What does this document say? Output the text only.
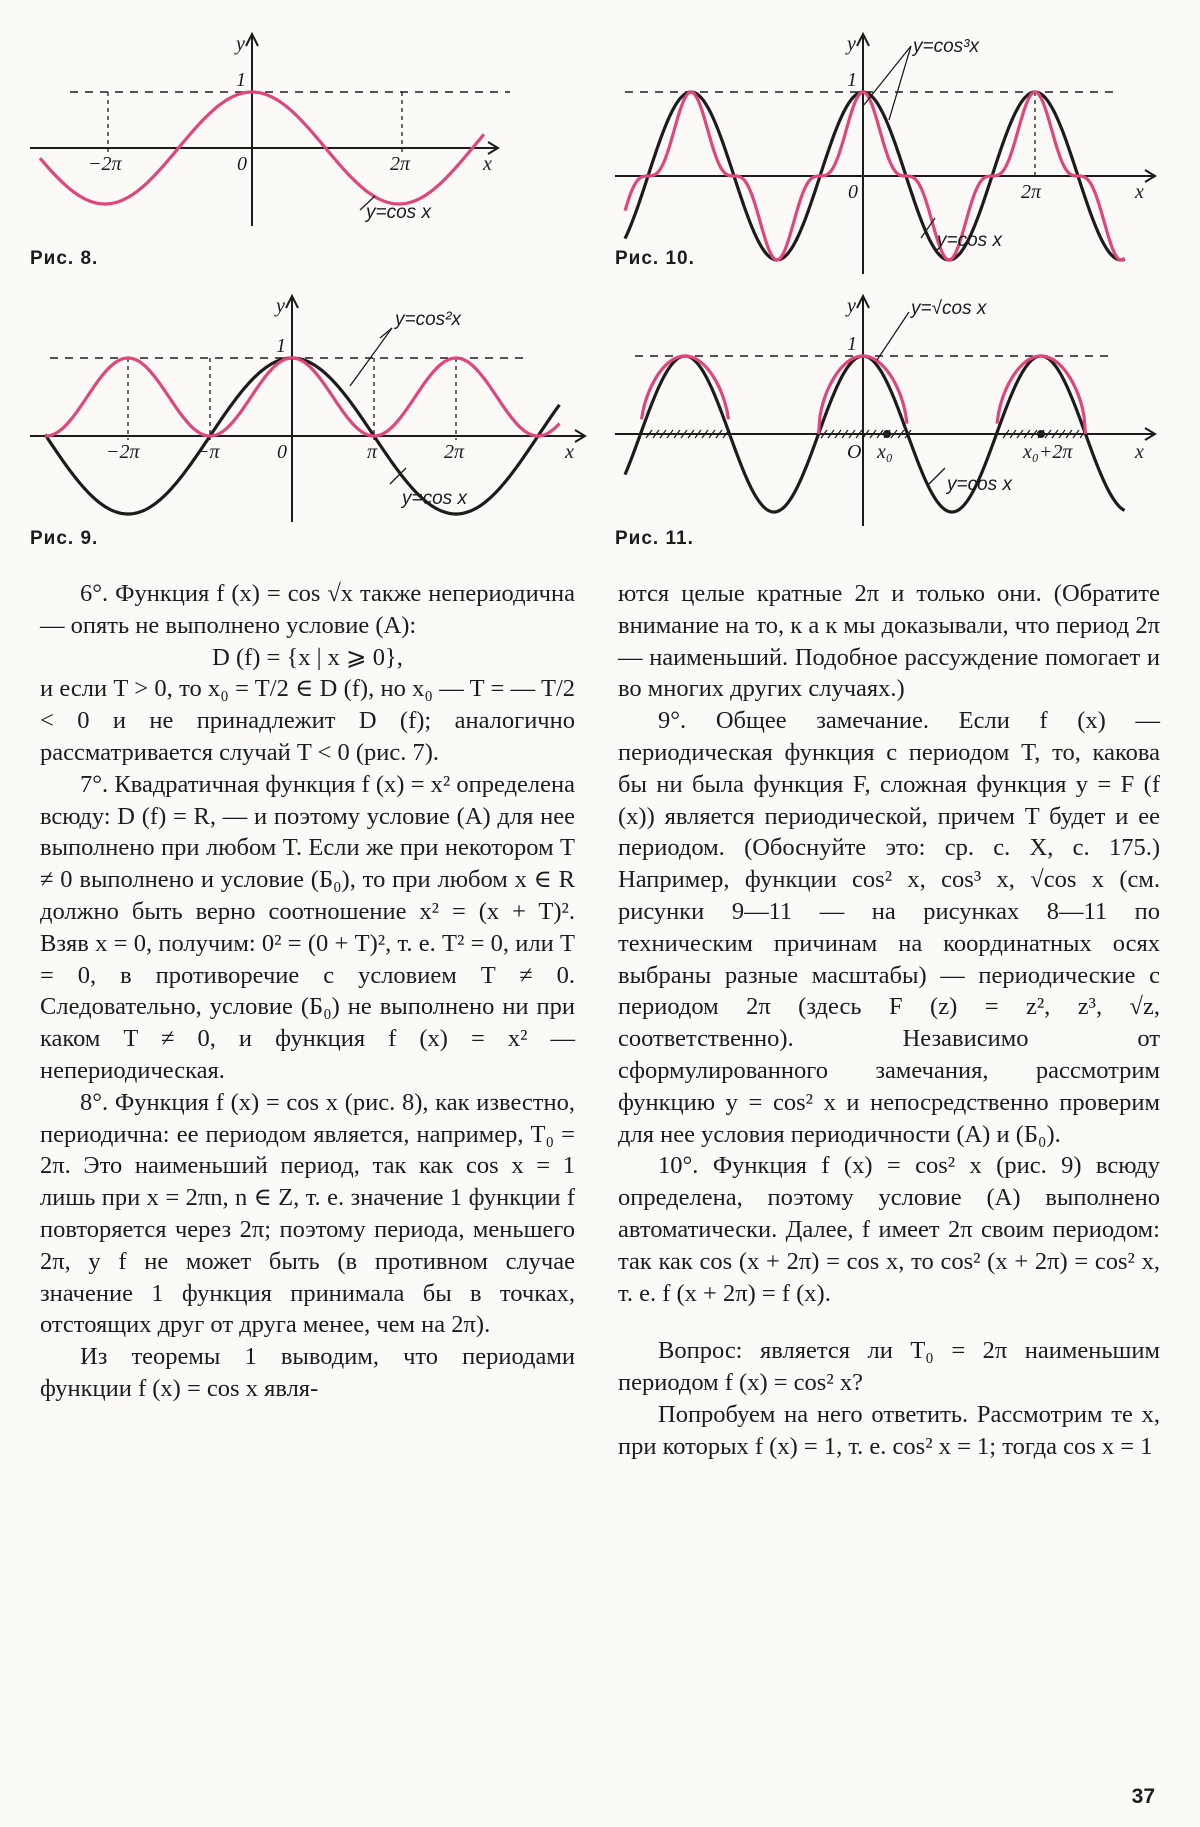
y
x
1
−2π	0	2π
y=cos x
Рис. 8.
y
x
1
0	2π
y=cos³x
y=cos x
Рис. 10.
y
x
1
−2π	−π	0	π	2π
y=cos²x
y=cos x
Рис. 9.
y
x
1
O x₀	x₀+2π
y=√cos x
y=cos x
Рис. 11.

6°. Функция f (x) = cos √x также непериодична — опять не выполнено условие (А):

D (f) = {x | x ⩾ 0},

и если T > 0, то x₀ = T/2 ∈ D (f), но x₀ — T = — T/2 < 0 и не принадлежит D (f); аналогично рассматривается случай T < 0 (рис. 7).

7°. Квадратичная функция f (x) = x² определена всюду: D (f) = R, — и поэтому условие (А) для нее выполнено при любом T. Если же при некотором T ≠ 0 выполнено и условие (Б₀), то при любом x ∈ R должно быть верно соотношение x² = (x + T)². Взяв x = 0, получим: 0² = (0 + T)², т. е. T² = 0, или T = 0, в противоречие с условием T ≠ 0. Следовательно, условие (Б₀) не выполнено ни при каком T ≠ 0, и функция f (x) = x² — непериодическая.

8°. Функция f (x) = cos x (рис. 8), как известно, периодична: ее периодом является, например, T₀ = 2π. Это наименьший период, так как cos x = 1 лишь при x = 2πn, n ∈ Z, т. е. значение 1 функции f повторяется через 2π; поэтому периода, меньшего 2π, у f не может быть (в противном случае значение 1 функция принимала бы в точках, отстоящих друг от друга менее, чем на 2π).

Из теоремы 1 выводим, что периодами функции f (x) = cos x явля-

ются целые кратные 2π и только они. (Обратите внимание на то, к а к мы доказывали, что период 2π — наименьший. Подобное рассуждение помогает и во многих других случаях.)

9°. Общее замечание. Если f (x) — периодическая функция с периодом T, то, какова бы ни была функция F, сложная функция y = F (f (x)) является периодической, причем T будет и ее периодом. (Обоснуйте это: ср. с. X, с. 175.) Например, функции cos² x, cos³ x, √cos x (см. рисунки 9—11 — на рисунках 8—11 по техническим причинам на координатных осях выбраны разные масштабы) — периодические с периодом 2π (здесь F (z) = z², z³, √z, соответственно). Независимо от сформулированного замечания, рассмотрим функцию y = cos² x и непосредственно проверим для нее условия периодичности (А) и (Б₀).

10°. Функция f (x) = cos² x (рис. 9) всюду определена, поэтому условие (А) выполнено автоматически. Далее, f имеет 2π своим периодом: так как cos (x + 2π) = cos x, то cos² (x + 2π) = cos² x, т. е. f (x + 2π) = f (x).

Вопрос: является ли T₀ = 2π наименьшим периодом f (x) = cos² x?

Попробуем на него ответить. Рассмотрим те x, при которых f (x) = 1, т. е. cos² x = 1; тогда cos x = 1

37
